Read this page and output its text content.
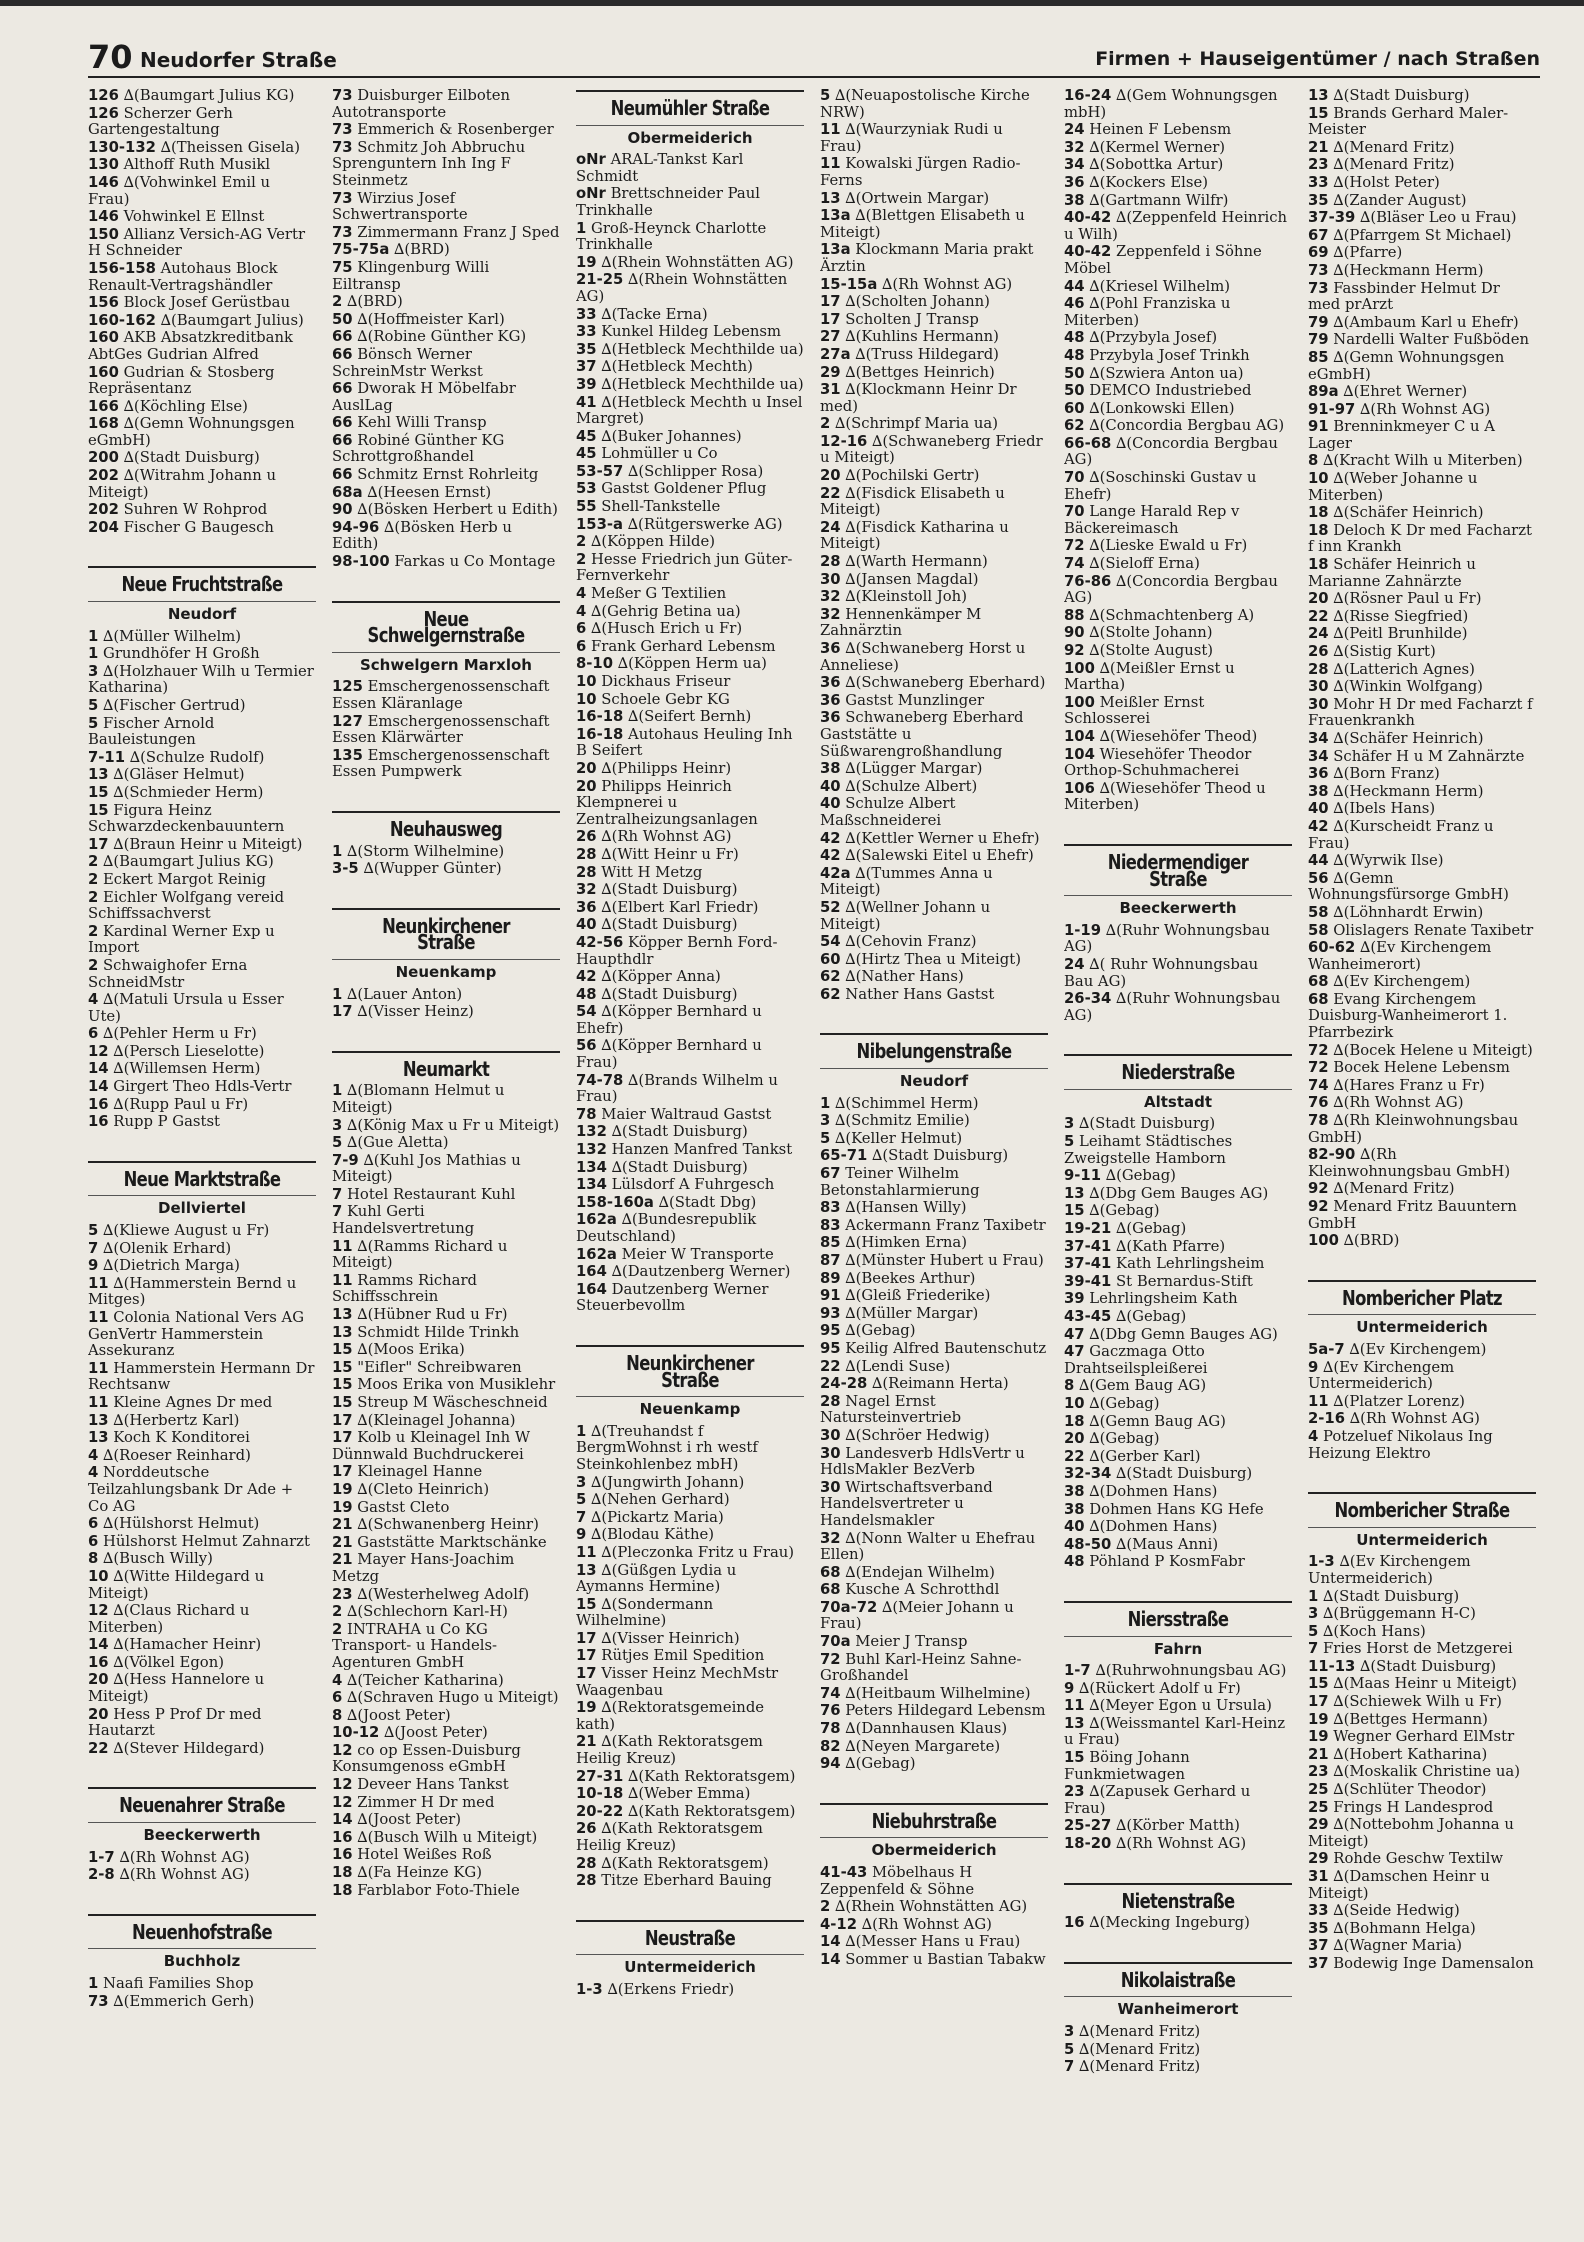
70 Neudorfer Straße	Firmen + Hauseigentümer / nach Straßen
126 ∆(Baumgart Julius KG)
126 Scherzer Gerh Gartengestaltung
130-132 ∆(Theissen Gisela)
130 Althoff Ruth Musikl
146 ∆(Vohwinkel Emil u Frau)
146 Vohwinkel E Ellnst
150 Allianz Versich-AG Vertr H Schneider
156-158 Autohaus Block Renault-Vertragshändler
156 Block Josef Gerüstbau
160-162 ∆(Baumgart Julius)
160 AKB Absatzkreditbank AbtGes Gudrian Alfred
160 Gudrian & Stosberg Repräsentanz
166 ∆(Köchling Else)
168 ∆(Gemn Wohnungsgen eGmbH)
200 ∆(Stadt Duisburg)
202 ∆(Witrahm Johann u Miteigt)
202 Suhren W Rohprod
204 Fischer G Baugesch
Neue Fruchtstraße
Neudorf
1 ∆(Müller Wilhelm)
1 Grundhöfer H Großh
3 ∆(Holzhauer Wilh u Termier Katharina)
5 ∆(Fischer Gertrud)
5 Fischer Arnold Bauleistungen
7-11 ∆(Schulze Rudolf)
13 ∆(Gläser Helmut)
15 ∆(Schmieder Herm)
15 Figura Heinz Schwarzdeckenbauuntern
17 ∆(Braun Heinr u Miteigt)
2 ∆(Baumgart Julius KG)
2 Eckert Margot Reinig
2 Eichler Wolfgang vereid Schiffssachverst
2 Kardinal Werner Exp u Import
2 Schwaighofer Erna SchneidMstr
4 ∆(Matuli Ursula u Esser Ute)
6 ∆(Pehler Herm u Fr)
12 ∆(Persch Lieselotte)
14 ∆(Willemsen Herm)
14 Girgert Theo Hdls-Vertr
16 ∆(Rupp Paul u Fr)
16 Rupp P Gastst
Neue Marktstraße
Dellviertel
5 ∆(Kliewe August u Fr)
7 ∆(Olenik Erhard)
9 ∆(Dietrich Marga)
11 ∆(Hammerstein Bernd u Mitges)
11 Colonia National Vers AG GenVertr Hammerstein Assekuranz
11 Hammerstein Hermann Dr Rechtsanw
11 Kleine Agnes Dr med
13 ∆(Herbertz Karl)
13 Koch K Konditorei
4 ∆(Roeser Reinhard)
4 Norddeutsche Teilzahlungsbank Dr Ade + Co AG
6 ∆(Hülshorst Helmut)
6 Hülshorst Helmut Zahnarzt
8 ∆(Busch Willy)
10 ∆(Witte Hildegard u Miteigt)
12 ∆(Claus Richard u Miterben)
14 ∆(Hamacher Heinr)
16 ∆(Völkel Egon)
20 ∆(Hess Hannelore u Miteigt)
20 Hess P Prof Dr med Hautarzt
22 ∆(Stever Hildegard)
Neuenahrer Straße
Beeckerwerth
1-7 ∆(Rh Wohnst AG)
2-8 ∆(Rh Wohnst AG)
Neuenhofstraße
Buchholz
1 Naafi Families Shop
73 ∆(Emmerich Gerh)
73 Duisburger Eilboten Autotransporte
73 Emmerich & Rosenberger
73 Schmitz Joh Abbruchu Sprenguntern Inh Ing F Steinmetz
73 Wirzius Josef Schwertransporte
73 Zimmermann Franz J Sped
75-75a ∆(BRD)
75 Klingenburg Willi Eiltransp
2 ∆(BRD)
50 ∆(Hoffmeister Karl)
66 ∆(Robine Günther KG)
66 Bönsch Werner SchreinMstr Werkst
66 Dworak H Möbelfabr AuslLag
66 Kehl Willi Transp
66 Robiné Günther KG Schrottgroßhandel
66 Schmitz Ernst Rohrleitg
68a ∆(Heesen Ernst)
90 ∆(Bösken Herbert u Edith)
94-96 ∆(Bösken Herb u Edith)
98-100 Farkas u Co Montage
Neue Schwelgernstraße
Schwelgern Marxloh
125 Emschergenossenschaft Essen Kläranlage
127 Emschergenossenschaft Essen Klärwärter
135 Emschergenossenschaft Essen Pumpwerk
Neuhausweg
1 ∆(Storm Wilhelmine)
3-5 ∆(Wupper Günter)
Neunkirchener Straße
Neuenkamp
1 ∆(Lauer Anton)
17 ∆(Visser Heinz)
Neumarkt
1 ∆(Blomann Helmut u Miteigt)
3 ∆(König Max u Fr u Miteigt)
5 ∆(Gue Aletta)
7-9 ∆(Kuhl Jos Mathias u Miteigt)
7 Hotel Restaurant Kuhl
7 Kuhl Gerti Handelsvertretung
11 ∆(Ramms Richard u Miteigt)
11 Ramms Richard Schiffsschrein
13 ∆(Hübner Rud u Fr)
13 Schmidt Hilde Trinkh
15 ∆(Moos Erika)
15 "Eifler" Schreibwaren
15 Moos Erika von Musiklehr
15 Streup M Wäscheschneid
17 ∆(Kleinagel Johanna)
17 Kolb u Kleinagel Inh W Dünnwald Buchdruckerei
17 Kleinagel Hanne
19 ∆(Cleto Heinrich)
19 Gastst Cleto
21 ∆(Schwanenberg Heinr)
21 Gaststätte Marktschänke
21 Mayer Hans-Joachim Metzg
23 ∆(Westerhelweg Adolf)
2 ∆(Schlechorn Karl-H)
2 INTRAHA u Co KG Transport- u Handels-Agenturen GmbH
4 ∆(Teicher Katharina)
6 ∆(Schraven Hugo u Miteigt)
8 ∆(Joost Peter)
10-12 ∆(Joost Peter)
12 co op Essen-Duisburg Konsumgenoss eGmbH
12 Deveer Hans Tankst
12 Zimmer H Dr med
14 ∆(Joost Peter)
16 ∆(Busch Wilh u Miteigt)
16 Hotel Weißes Roß
18 ∆(Fa Heinze KG)
18 Farblabor Foto-Thiele
Neumühler Straße
Obermeiderich
oNr ARAL-Tankst Karl Schmidt
oNr Brettschneider Paul Trinkhalle
1 Groß-Heynck Charlotte Trinkhalle
19 ∆(Rhein Wohnstätten AG)
21-25 ∆(Rhein Wohnstätten AG)
33 ∆(Tacke Erna)
33 Kunkel Hildeg Lebensm
35 ∆(Hetbleck Mechthilde ua)
37 ∆(Hetbleck Mechth)
39 ∆(Hetbleck Mechthilde ua)
41 ∆(Hetbleck Mechth u Insel Margret)
45 ∆(Buker Johannes)
45 Lohmüller u Co
53-57 ∆(Schlipper Rosa)
53 Gastst Goldener Pflug
55 Shell-Tankstelle
153-a ∆(Rütgerswerke AG)
2 ∆(Köppen Hilde)
2 Hesse Friedrich jun Güter-Fernverkehr
4 Meßer G Textilien
4 ∆(Gehrig Betina ua)
6 ∆(Husch Erich u Fr)
6 Frank Gerhard Lebensm
8-10 ∆(Köppen Herm ua)
10 Dickhaus Friseur
10 Schoele Gebr KG
16-18 ∆(Seifert Bernh)
16-18 Autohaus Heuling Inh B Seifert
20 ∆(Philipps Heinr)
20 Philipps Heinrich Klempnerei u Zentralheizungsanlagen
26 ∆(Rh Wohnst AG)
28 ∆(Witt Heinr u Fr)
28 Witt H Metzg
32 ∆(Stadt Duisburg)
36 ∆(Elbert Karl Friedr)
40 ∆(Stadt Duisburg)
42-56 Köpper Bernh Ford-Haupthdlr
42 ∆(Köpper Anna)
48 ∆(Stadt Duisburg)
54 ∆(Köpper Bernhard u Ehefr)
56 ∆(Köpper Bernhard u Frau)
74-78 ∆(Brands Wilhelm u Frau)
78 Maier Waltraud Gastst
132 ∆(Stadt Duisburg)
132 Hanzen Manfred Tankst
134 ∆(Stadt Duisburg)
134 Lülsdorf A Fuhrgesch
158-160a ∆(Stadt Dbg)
162a ∆(Bundesrepublik Deutschland)
162a Meier W Transporte
164 ∆(Dautzenberg Werner)
164 Dautzenberg Werner Steuerbevollm
Neunkirchener Straße
Neuenkamp
1 ∆(Treuhandst f BergmWohnst i rh westf Steinkohlenbez mbH)
3 ∆(Jungwirth Johann)
5 ∆(Nehen Gerhard)
7 ∆(Pickartz Maria)
9 ∆(Blodau Käthe)
11 ∆(Pleczonka Fritz u Frau)
13 ∆(Güßgen Lydia u Aymanns Hermine)
15 ∆(Sondermann Wilhelmine)
17 ∆(Visser Heinrich)
17 Rütjes Emil Spedition
17 Visser Heinz MechMstr Waagenbau
19 ∆(Rektoratsgemeinde kath)
21 ∆(Kath Rektoratsgem Heilig Kreuz)
27-31 ∆(Kath Rektoratsgem)
10-18 ∆(Weber Emma)
20-22 ∆(Kath Rektoratsgem)
26 ∆(Kath Rektoratsgem Heilig Kreuz)
28 ∆(Kath Rektoratsgem)
28 Titze Eberhard Bauing
Neustraße
Untermeiderich
1-3 ∆(Erkens Friedr)
5 ∆(Neuapostolische Kirche NRW)
11 ∆(Waurzyniak Rudi u Frau)
11 Kowalski Jürgen Radio-Ferns
13 ∆(Ortwein Margar)
13a ∆(Blettgen Elisabeth u Miteigt)
13a Klockmann Maria prakt Ärztin
15-15a ∆(Rh Wohnst AG)
17 ∆(Scholten Johann)
17 Scholten J Transp
27 ∆(Kuhlins Hermann)
27a ∆(Truss Hildegard)
29 ∆(Bettges Heinrich)
31 ∆(Klockmann Heinr Dr med)
2 ∆(Schrimpf Maria ua)
12-16 ∆(Schwaneberg Friedr u Miteigt)
20 ∆(Pochilski Gertr)
22 ∆(Fisdick Elisabeth u Miteigt)
24 ∆(Fisdick Katharina u Miteigt)
28 ∆(Warth Hermann)
30 ∆(Jansen Magdal)
32 ∆(Kleinstoll Joh)
32 Hennenkämper M Zahnärztin
36 ∆(Schwaneberg Horst u Anneliese)
36 ∆(Schwaneberg Eberhard)
36 Gastst Munzlinger
36 Schwaneberg Eberhard Gaststätte u Süßwarengroßhandlung
38 ∆(Lügger Margar)
40 ∆(Schulze Albert)
40 Schulze Albert Maßschneiderei
42 ∆(Kettler Werner u Ehefr)
42 ∆(Salewski Eitel u Ehefr)
42a ∆(Tummes Anna u Miteigt)
52 ∆(Wellner Johann u Miteigt)
54 ∆(Cehovin Franz)
60 ∆(Hirtz Thea u Miteigt)
62 ∆(Nather Hans)
62 Nather Hans Gastst
Nibelungenstraße
Neudorf
1 ∆(Schimmel Herm)
3 ∆(Schmitz Emilie)
5 ∆(Keller Helmut)
65-71 ∆(Stadt Duisburg)
67 Teiner Wilhelm Betonstahlarmierung
83 ∆(Hansen Willy)
83 Ackermann Franz Taxibetr
85 ∆(Himken Erna)
87 ∆(Münster Hubert u Frau)
89 ∆(Beekes Arthur)
91 ∆(Gleiß Friederike)
93 ∆(Müller Margar)
95 ∆(Gebag)
95 Keilig Alfred Bautenschutz
22 ∆(Lendi Suse)
24-28 ∆(Reimann Herta)
28 Nagel Ernst Natursteinvertrieb
30 ∆(Schröer Hedwig)
30 Landesverb HdlsVertr u HdlsMakler BezVerb
30 Wirtschaftsverband Handelsvertreter u Handelsmakler
32 ∆(Nonn Walter u Ehefrau Ellen)
68 ∆(Endejan Wilhelm)
68 Kusche A Schrotthdl
70a-72 ∆(Meier Johann u Frau)
70a Meier J Transp
72 Buhl Karl-Heinz Sahne-Großhandel
74 ∆(Heitbaum Wilhelmine)
76 Peters Hildegard Lebensm
78 ∆(Dannhausen Klaus)
82 ∆(Neyen Margarete)
94 ∆(Gebag)
Niebuhrstraße
Obermeiderich
41-43 Möbelhaus H Zeppenfeld & Söhne
2 ∆(Rhein Wohnstätten AG)
4-12 ∆(Rh Wohnst AG)
14 ∆(Messer Hans u Frau)
14 Sommer u Bastian Tabakw
16-24 ∆(Gem Wohnungsgen mbH)
24 Heinen F Lebensm
32 ∆(Kermel Werner)
34 ∆(Sobottka Artur)
36 ∆(Kockers Else)
38 ∆(Gartmann Wilfr)
40-42 ∆(Zeppenfeld Heinrich u Wilh)
40-42 Zeppenfeld i Söhne Möbel
44 ∆(Kriesel Wilhelm)
46 ∆(Pohl Franziska u Miterben)
48 ∆(Przybyla Josef)
48 Przybyla Josef Trinkh
50 ∆(Szwiera Anton ua)
50 DEMCO Industriebed
60 ∆(Lonkowski Ellen)
62 ∆(Concordia Bergbau AG)
66-68 ∆(Concordia Bergbau AG)
70 ∆(Soschinski Gustav u Ehefr)
70 Lange Harald Rep v Bäckereimasch
72 ∆(Lieske Ewald u Fr)
74 ∆(Sieloff Erna)
76-86 ∆(Concordia Bergbau AG)
88 ∆(Schmachtenberg A)
90 ∆(Stolte Johann)
92 ∆(Stolte August)
100 ∆(Meißler Ernst u Martha)
100 Meißler Ernst Schlosserei
104 ∆(Wiesehöfer Theod)
104 Wiesehöfer Theodor Orthop-Schuhmacherei
106 ∆(Wiesehöfer Theod u Miterben)
Niedermendiger Straße
Beeckerwerth
1-19 ∆(Ruhr Wohnungsbau AG)
24 ∆( Ruhr Wohnungsbau Bau AG)
26-34 ∆(Ruhr Wohnungsbau AG)
Niederstraße
Altstadt
3 ∆(Stadt Duisburg)
5 Leihamt Städtisches Zweigstelle Hamborn
9-11 ∆(Gebag)
13 ∆(Dbg Gem Bauges AG)
15 ∆(Gebag)
19-21 ∆(Gebag)
37-41 ∆(Kath Pfarre)
37-41 Kath Lehrlingsheim
39-41 St Bernardus-Stift
39 Lehrlingsheim Kath
43-45 ∆(Gebag)
47 ∆(Dbg Gemn Bauges AG)
47 Gaczmaga Otto Drahtseilspleißerei
8 ∆(Gem Baug AG)
10 ∆(Gebag)
18 ∆(Gemn Baug AG)
20 ∆(Gebag)
22 ∆(Gerber Karl)
32-34 ∆(Stadt Duisburg)
38 ∆(Dohmen Hans)
38 Dohmen Hans KG Hefe
40 ∆(Dohmen Hans)
48-50 ∆(Maus Anni)
48 Pöhland P KosmFabr
Niersstraße
Fahrn
1-7 ∆(Ruhrwohnungsbau AG)
9 ∆(Rückert Adolf u Fr)
11 ∆(Meyer Egon u Ursula)
13 ∆(Weissmantel Karl-Heinz u Frau)
15 Böing Johann Funkmietwagen
23 ∆(Zapusek Gerhard u Frau)
25-27 ∆(Körber Matth)
18-20 ∆(Rh Wohnst AG)
Nietenstraße
16 ∆(Mecking Ingeburg)
Nikolaistraße
Wanheimerort
3 ∆(Menard Fritz)
5 ∆(Menard Fritz)
7 ∆(Menard Fritz)
13 ∆(Stadt Duisburg)
15 Brands Gerhard Maler-Meister
21 ∆(Menard Fritz)
23 ∆(Menard Fritz)
33 ∆(Holst Peter)
35 ∆(Zander August)
37-39 ∆(Bläser Leo u Frau)
67 ∆(Pfarrgem St Michael)
69 ∆(Pfarre)
73 ∆(Heckmann Herm)
73 Fassbinder Helmut Dr med prArzt
79 ∆(Ambaum Karl u Ehefr)
79 Nardelli Walter Fußböden
85 ∆(Gemn Wohnungsgen eGmbH)
89a ∆(Ehret Werner)
91-97 ∆(Rh Wohnst AG)
91 Brenninkmeyer C u A Lager
8 ∆(Kracht Wilh u Miterben)
10 ∆(Weber Johanne u Miterben)
18 ∆(Schäfer Heinrich)
18 Deloch K Dr med Facharzt f inn Krankh
18 Schäfer Heinrich u Marianne Zahnärzte
20 ∆(Rösner Paul u Fr)
22 ∆(Risse Siegfried)
24 ∆(Peitl Brunhilde)
26 ∆(Sistig Kurt)
28 ∆(Latterich Agnes)
30 ∆(Winkin Wolfgang)
30 Mohr H Dr med Facharzt f Frauenkrankh
34 ∆(Schäfer Heinrich)
34 Schäfer H u M Zahnärzte
36 ∆(Born Franz)
38 ∆(Heckmann Herm)
40 ∆(Ibels Hans)
42 ∆(Kurscheidt Franz u Frau)
44 ∆(Wyrwik Ilse)
56 ∆(Gemn Wohnungsfürsorge GmbH)
58 ∆(Löhnhardt Erwin)
58 Olislagers Renate Taxibetr
60-62 ∆(Ev Kirchengem Wanheimerort)
68 ∆(Ev Kirchengem)
68 Evang Kirchengem Duisburg-Wanheimerort 1. Pfarrbezirk
72 ∆(Bocek Helene u Miteigt)
72 Bocek Helene Lebensm
74 ∆(Hares Franz u Fr)
76 ∆(Rh Wohnst AG)
78 ∆(Rh Kleinwohnungsbau GmbH)
82-90 ∆(Rh Kleinwohnungsbau GmbH)
92 ∆(Menard Fritz)
92 Menard Fritz Bauuntern GmbH
100 ∆(BRD)
Nombericher Platz
Untermeiderich
5a-7 ∆(Ev Kirchengem)
9 ∆(Ev Kirchengem Untermeiderich)
11 ∆(Platzer Lorenz)
2-16 ∆(Rh Wohnst AG)
4 Potzeluef Nikolaus Ing Heizung Elektro
Nombericher Straße
Untermeiderich
1-3 ∆(Ev Kirchengem Untermeiderich)
1 ∆(Stadt Duisburg)
3 ∆(Brüggemann H-C)
5 ∆(Koch Hans)
7 Fries Horst de Metzgerei
11-13 ∆(Stadt Duisburg)
15 ∆(Maas Heinr u Miteigt)
17 ∆(Schiewek Wilh u Fr)
19 ∆(Bettges Hermann)
19 Wegner Gerhard ElMstr
21 ∆(Hobert Katharina)
23 ∆(Moskalik Christine ua)
25 ∆(Schlüter Theodor)
25 Frings H Landesprod
29 ∆(Nottebohm Johanna u Miteigt)
29 Rohde Geschw Textilw
31 ∆(Damschen Heinr u Miteigt)
33 ∆(Seide Hedwig)
35 ∆(Bohmann Helga)
37 ∆(Wagner Maria)
37 Bodewig Inge Damensalon
